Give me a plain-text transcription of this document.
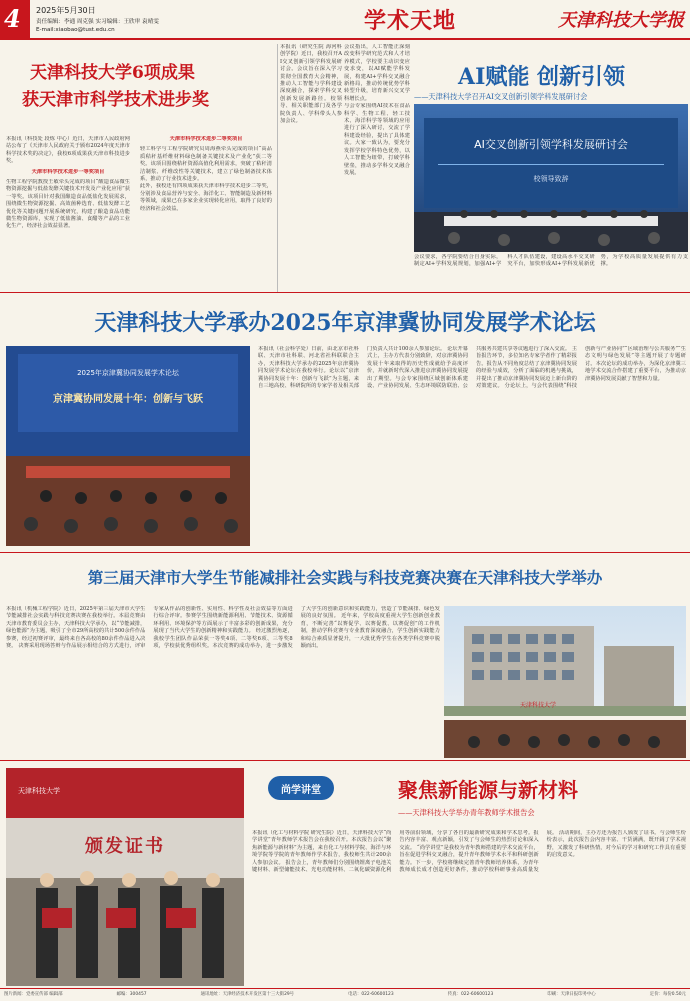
4 2025年5月30日
责任编辑：李通 周克强 实习编辑：王欣审 袁晴雯
E-mail:xiaobao@tust.edu.cn	学术天地	天津科技大学报
天津科技大学6项成果
获天津市科学技术进步奖
本报讯（科技处 段炼 中心）近日，天津市人民政府网站公布了《天津市人民政府关于颁布2024年度天津市科学技术奖的决定》，我校6项成果获天津市科技进步奖。
天津市科学技术进步一等奖项目
生物工程学院教授王敏牵头完成的项目“酸造食品微生物资源挖掘与低盐发酵关键技术开发及产业化应用”获一等奖。该项目针对我国酿造食品低盐化发展需求，围绕微生物资源挖掘、高效菌种选育、低盐发酵工艺优化等关键问题开展系统研究，构建了酿造食品功能微生物资源库，实现了低盐酱油、食醋等产品的工业化生产，经济社会效益显著。
天津市科学技术进步二等奖项目
轻工科学与工程学院研究员周海燕牵头完成的项目“高品质秸秆基纤维材料绿色制备关键技术及产业化”获二等奖。该项目围绕秸秆资源高值化利用需求，突破了秸秆清洁制浆、纤维改性等关键技术，建立了绿色制备技术体系，推动了行业技术进步。
此外，我校还有四项成果获天津市科学技术进步二等奖，分别涉及食品营养与安全、海洋化工、智能制造及新材料等领域，成果已在多家企业实现转化应用，取得了良好的经济和社会效益。
本报讯（研究生院 海河科创学院）近日，我校召开AI交叉创新引领学科发展研讨会。会议旨在深入学习贯彻全国教育大会精神，推动人工智能与学科建设深度融合，探索学科交叉创新发展新路径。校领导、相关职能部门及各学院负责人、学科带头人参加会议。
会议指出，人工智能正深刻改变科学研究范式和人才培养模式，学校要主动识变应变求变，以AI赋能学科发展，构建AI+学科交叉融合新格局，推动传统优势学科转型升级，培育新兴交叉学科增长点。
与会专家围绕AI技术在食品科学、生物工程、轻工技术、海洋科学等领域的应用进行了深入研讨，交流了学科建设经验，提出了具体建议。大家一致认为，要充分发挥学校学科特色优势，以人工智能为纽带，打破学科壁垒，推动多学科交叉融合发展。
AI赋能 创新引领
——天津科技大学召开AI交叉创新引领学科发展研讨会
AI交叉创新引领学科发展研讨会
校领导致辞
会议要求，各学院要结合自身实际，制定AI+学科发展规划，加强AI+学科人才队伍建设，建设高水平交叉研究平台，加快形成AI+学科发展新优势，为学校高质量发展提供有力支撑。
天津科技大学承办2025年京津冀协同发展学术论坛
2025年京津冀协同发展学术论坛
京津冀协同发展十年：创新与飞跃
本报讯（社会科学处）日前，由北京市社科联、天津市社科联、河北省社科联联合主办，天津科技大学承办的2025年京津冀协同发展学术论坛在我校举行。论坛以“京津冀协同发展十年：创新与飞跃”为主题，来自三地高校、科研院所的专家学者及相关部门负责人共计100余人参加论坛。 论坛开幕式上，主办方代表分别致辞，对京津冀协同发展十年来取得的历史性成就给予高度评价，并就新时代深入推进京津冀协同发展提出了期望。与会专家围绕区域创新体系建设、产业协同发展、生态环境联防联治、公共服务共建共享等议题进行了深入交流。 主旨报告环节，多位知名专家学者作了精彩报告。报告从不同角度总结了京津冀协同发展的经验与成效，分析了面临的机遇与挑战，并提出了推动京津冀协同发展迈上新台阶的对策建议。 分论坛上，与会代表围绕“科技创新与产业协同”“区域治理与公共服务”“生态文明与绿色发展”等主题开展了专题研讨。本次论坛的成功举办，为深化京津冀三地学术交流合作搭建了重要平台，为推动京津冀协同发展贡献了智慧和力量。
第三届天津市大学生节能减排社会实践与科技竞赛决赛在天津科技大学举办
本报讯（机械工程学院）近日，2025年第三届天津市大学生节能减排社会实践与科技竞赛决赛在我校举行。本届竞赛由天津市教育委员会主办，天津科技大学承办，以“节能减排，绿色能源”为主题，吸引了全市29所高校的共计500余件作品参赛，经过初赛评审，最终来自各高校的80余件作品进入决赛。 决赛采用现场答辩与作品展示相结合的方式进行，评审专家从作品的创新性、实用性、科学性及社会效益等方面进行综合评审。参赛学生围绕新能源利用、节能技术、资源循环利用、环境保护等方面展示了丰富多彩的创新成果，充分展现了当代大学生的创新精神和实践能力。 经过激烈角逐，我校学生团队作品荣获一等奖4项、二等奖6项、三等奖8项，学校获优秀组织奖。本次竞赛的成功举办，进一步激发了大学生的创新意识和实践能力，营造了节能减排、绿色发展的良好氛围。 近年来，学校高度重视大学生创新创业教育，不断完善“以赛促学、以赛促教、以赛促创”的工作机制，推动学科竞赛与专业教育深度融合，学生创新实践能力和综合素质显著提升，一大批优秀学生在各类学科竞赛中脱颖而出。
天津科技大学
天津科技大学
颁发证书
尚学讲堂	聚焦新能源与新材料
——天津科技大学举办青年教师学术报告会
本报讯（化工与材料学院 研究生院）近日，天津科技大学“尚学讲堂”青年教师学术报告会在我校召开。本次报告会以“聚焦新能源与新材料”为主题，来自化工与材料学院、海洋与环境学院等学院的青年教师作学术报告，我校师生共计200余人参加会议。 报告会上，青年教师们分别围绕锂离子电池关键材料、新型储能技术、光电功能材料、二氧化碳资源化利用等前沿领域，分享了各自的最新研究成果和学术思考。报告内容丰富、观点新颖，引发了与会师生的热烈讨论和深入交流。 “尚学讲堂”是我校为青年教师搭建的学术交流平台，旨在促进学科交叉融合，提升青年教师学术水平和科研创新能力。下一步，学校将继续完善青年教师培养体系，为青年教师成长成才创造更好条件，推动学校科研事业高质量发展。 活动期间，主办方还为报告人颁发了证书。与会师生纷纷表示，此次报告会内容丰富、干货满满，既开阔了学术视野，又激发了科研热情，对今后的学习和研究工作具有重要的启发意义。
图片新闻：党委宣传部 编辑部	邮编：300457	通讯地址：天津经济技术开发区第十三大街29号	电话：022-60600123	传真：022-60600123	印刷：天津日报印务中心	定价：每份0.50元
